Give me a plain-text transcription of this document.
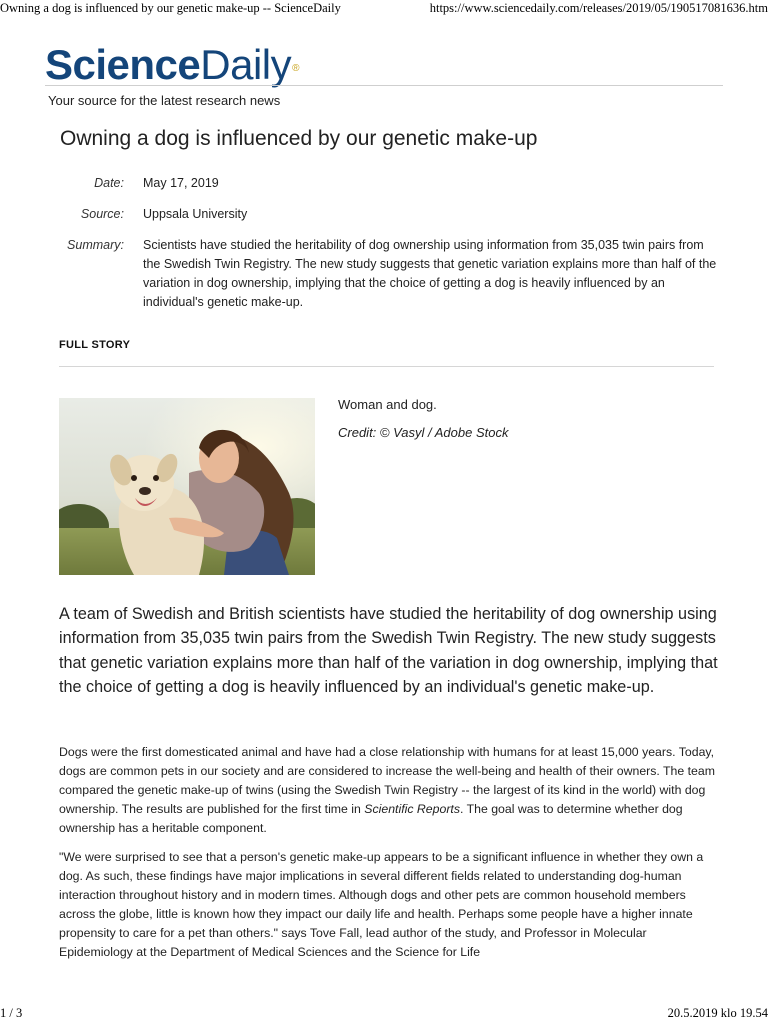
Owning a dog is influenced by our genetic make-up -- ScienceDaily	https://www.sciencedaily.com/releases/2019/05/190517081636.htm
ScienceDaily®
Your source for the latest research news
Owning a dog is influenced by our genetic make-up
Date: May 17, 2019
Source: Uppsala University
Summary: Scientists have studied the heritability of dog ownership using information from 35,035 twin pairs from the Swedish Twin Registry. The new study suggests that genetic variation explains more than half of the variation in dog ownership, implying that the choice of getting a dog is heavily influenced by an individual's genetic make-up.
FULL STORY
Woman and dog.
Credit: © Vasyl / Adobe Stock

A team of Swedish and British scientists have studied the heritability of dog ownership using information from 35,035 twin pairs from the Swedish Twin Registry. The new study suggests that genetic variation explains more than half of the variation in dog ownership, implying that the choice of getting a dog is heavily influenced by an individual's genetic make-up.

Dogs were the first domesticated animal and have had a close relationship with humans for at least 15,000 years. Today, dogs are common pets in our society and are considered to increase the well-being and health of their owners. The team compared the genetic make-up of twins (using the Swedish Twin Registry -- the largest of its kind in the world) with dog ownership. The results are published for the first time in Scientific Reports. The goal was to determine whether dog ownership has a heritable component.

"We were surprised to see that a person's genetic make-up appears to be a significant influence in whether they own a dog. As such, these findings have major implications in several different fields related to understanding dog-human interaction throughout history and in modern times. Although dogs and other pets are common household members across the globe, little is known how they impact our daily life and health. Perhaps some people have a higher innate propensity to care for a pet than others." says Tove Fall, lead author of the study, and Professor in Molecular Epidemiology at the Department of Medical Sciences and the Science for Life

1 / 3	20.5.2019 klo 19.54
